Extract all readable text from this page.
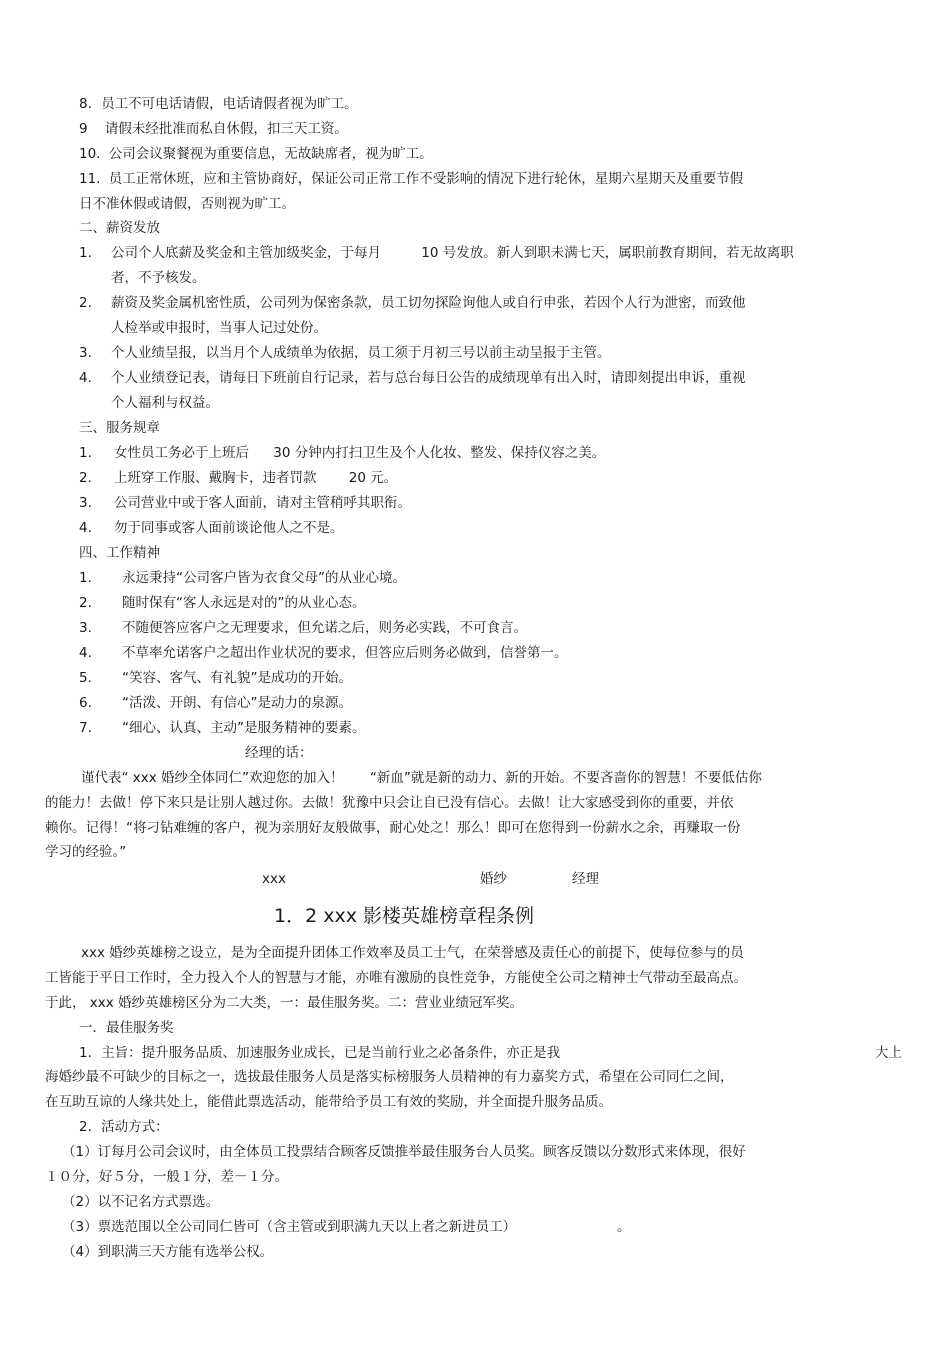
8. 员工不可电话请假，电话请假者视为旷工。
9 请假未经批准而私自休假，扣三天工资。
10. 公司会议聚餐视为重要信息，无故缺席者，视为旷工。
11. 员工正常休班，应和主管协商好，保证公司正常工作不受影响的情况下进行轮休，星期六星期天及重要节假
日不准休假或请假，否则视为旷工。
二、薪资发放
1. 公司个人底薪及奖金和主管加级奖金，于每月	10 号发放。新人到职未满七天，属职前教育期间，若无故离职
者，不予核发。
2. 薪资及奖金属机密性质，公司列为保密条款，员工切勿探险询他人或自行申张，若因个人行为泄密，而致他
人检举或申报时，当事人记过处份。
3. 个人业绩呈报，以当月个人成绩单为依据，员工须于月初三号以前主动呈报于主管。
4. 个人业绩登记表，请每日下班前自行记录，若与总台每日公告的成绩现单有出入时，请即刻提出申诉，重视
个人福利与权益。
三、服务规章
1. 女性员工务必于上班后 30 分钟内打扫卫生及个人化妆、整发、保持仪容之美。
2. 上班穿工作服、戴胸卡，违者罚款 20 元。
3. 公司营业中或于客人面前，请对主管稍呼其职衔。
4. 勿于同事或客人面前谈论他人之不是。
四、工作精神
1. 永远秉持“公司客户皆为衣食父母”的从业心境。
2. 随时保有“客人永远是对的”的从业心态。
3. 不随便答应客户之无理要求，但允诺之后，则务必实践，不可食言。
4. 不草率允诺客户之超出作业状况的要求，但答应后则务必做到，信誉第一。
5. “笑容、客气、有礼貌”是成功的开始。
6. “活泼、开朗、有信心”是动力的泉源。
7. “细心、认真、主动”是服务精神的要素。
经理的话：
谨代表“ xxx 婚纱全体同仁”欢迎您的加入！ “新血”就是新的动力、新的开始。不要吝啬你的智慧！不要低估你
的能力！去做！停下来只是让别人越过你。去做！犹豫中只会让自已没有信心。去做！让大家感受到你的重要，并依
赖你。记得！“将刁钻难缠的客户，视为亲朋好友般做事，耐心处之！那么！即可在您得到一份薪水之余，再赚取一份
学习的经验。”
xxx	婚纱	经理
1．2 xxx 影楼英雄榜章程条例
xxx 婚纱英雄榜之设立，是为全面提升团体工作效率及员工士气，在荣誉感及责任心的前提下，使每位参与的员
工皆能于平日工作时，全力投入个人的智慧与才能，亦唯有激励的良性竞争，方能使全公司之精神士气带动至最高点。
于此， xxx 婚纱英雄榜区分为二大类，一：最佳服务奖。二：营业业绩冠军奖。
一．最佳服务奖
1．主旨：提升服务品质、加速服务业成长，已是当前行业之必备条件，亦正是我	大上
海婚纱最不可缺少的目标之一，选拔最佳服务人员是落实标榜服务人员精神的有力嘉奖方式，希望在公司同仁之间，
在互助互谅的人缘共处上，能借此票选活动，能带给予员工有效的奖励，并全面提升服务品质。
2．活动方式：
（1）订每月公司会议时，由全体员工投票结合顾客反馈推举最佳服务台人员奖。顾客反馈以分数形式来体现，很好
１０分，好５分，一般１分，差－１分。
（2）以不记名方式票选。
（3）票选范围以全公司同仁皆可（含主管或到职满九天以上者之新进员工）	。
（4）到职满三天方能有选举公权。
